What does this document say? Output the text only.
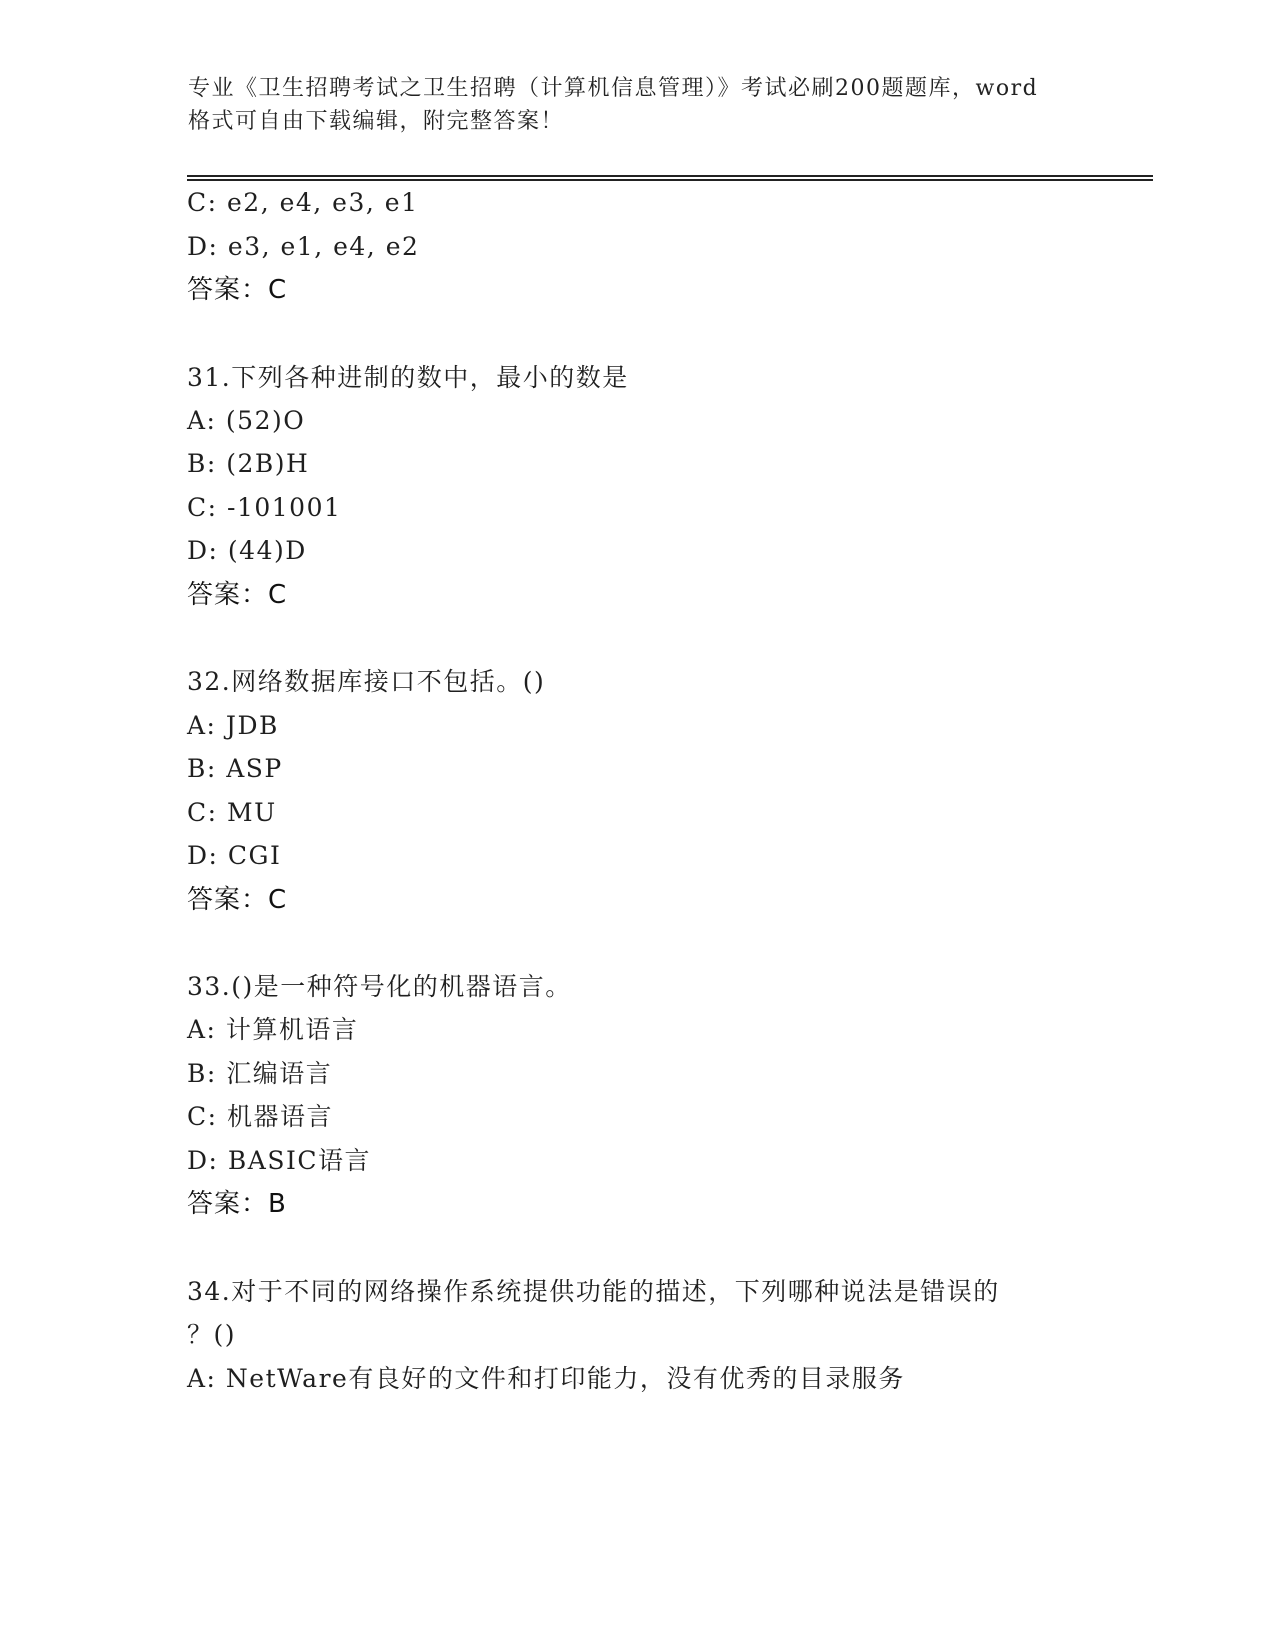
专业《卫生招聘考试之卫生招聘（计算机信息管理）》考试必刷200题题库，word
格式可自由下载编辑，附完整答案！
C: e2, e4, e3, e1
D: e3, e1, e4, e2
答案：C
31.下列各种进制的数中，最小的数是
A: (52)O
B: (2B)H
C: -101001
D: (44)D
答案：C
32.网络数据库接口不包括。()
A: JDB
B: ASP
C: MU
D: CGI
答案：C
33.()是一种符号化的机器语言。
A: 计算机语言
B: 汇编语言
C: 机器语言
D: BASIC语言
答案：B
34.对于不同的网络操作系统提供功能的描述，下列哪种说法是错误的
？()
A: NetWare有良好的文件和打印能力，没有优秀的目录服务
